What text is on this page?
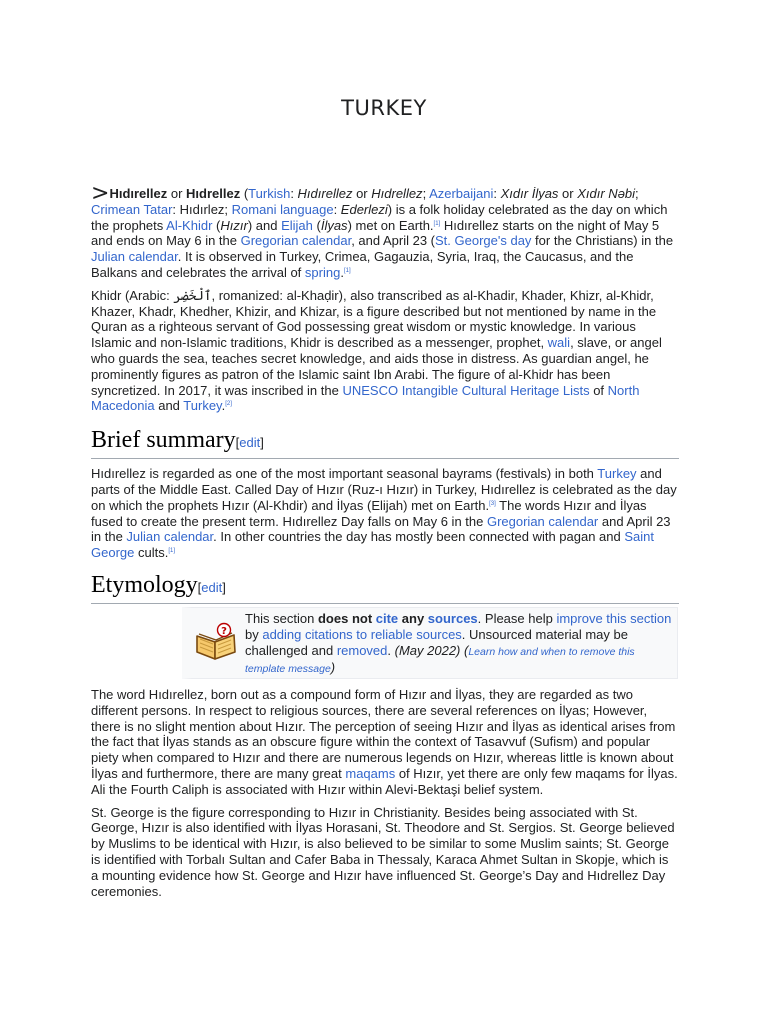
TURKEY

>Hıdırellez or Hıdrellez (Turkish: Hıdırellez or Hıdrellez; Azerbaijani: Xıdır İlyas or Xıdır Nəbi; Crimean Tatar: Hıdırlez; Romani language: Ederlezi) is a folk holiday celebrated as the day on which the prophets Al-Khidr (Hızır) and Elijah (İlyas) met on Earth.[1] Hıdırellez starts on the night of May 5 and ends on May 6 in the Gregorian calendar, and April 23 (St. George's day for the Christians) in the Julian calendar. It is observed in Turkey, Crimea, Gagauzia, Syria, Iraq, the Caucasus, and the Balkans and celebrates the arrival of spring.[1]

Khidr (Arabic: ٱلْخَضِر, romanized: al-Khaḍir), also transcribed as al-Khadir, Khader, Khizr, al-Khidr, Khazer, Khadr, Khedher, Khizir, and Khizar, is a figure described but not mentioned by name in the Quran as a righteous servant of God possessing great wisdom or mystic knowledge. In various Islamic and non-Islamic traditions, Khidr is described as a messenger, prophet, wali, slave, or angel who guards the sea, teaches secret knowledge, and aids those in distress. As guardian angel, he prominently figures as patron of the Islamic saint Ibn Arabi. The figure of al-Khidr has been syncretized. In 2017, it was inscribed in the UNESCO Intangible Cultural Heritage Lists of North Macedonia and Turkey.[2]

Brief summary[edit]

Hıdırellez is regarded as one of the most important seasonal bayrams (festivals) in both Turkey and parts of the Middle East. Called Day of Hızır (Ruz-ı Hızır) in Turkey, Hıdırellez is celebrated as the day on which the prophets Hızır (Al-Khdir) and İlyas (Elijah) met on Earth.[3] The words Hızır and İlyas fused to create the present term. Hıdırellez Day falls on May 6 in the Gregorian calendar and April 23 in the Julian calendar. In other countries the day has mostly been connected with pagan and Saint George cults.[1]

Etymology[edit]
?
This section does not cite any sources. Please help improve this section by adding citations to reliable sources. Unsourced material may be challenged and removed. (May 2022) (Learn how and when to remove this template message)

The word Hıdırellez, born out as a compound form of Hızır and İlyas, they are regarded as two different persons. In respect to religious sources, there are several references on İlyas; However, there is no slight mention about Hızır. The perception of seeing Hızır and İlyas as identical arises from the fact that İlyas stands as an obscure figure within the context of Tasavvuf (Sufism) and popular piety when compared to Hızır and there are numerous legends on Hızır, whereas little is known about İlyas and furthermore, there are many great maqams of Hızır, yet there are only few maqams for İlyas. Ali the Fourth Caliph is associated with Hızır within Alevi-Bektaşi belief system.

St. George is the figure corresponding to Hızır in Christianity. Besides being associated with St. George, Hızır is also identified with İlyas Horasani, St. Theodore and St. Sergios. St. George believed by Muslims to be identical with Hızır, is also believed to be similar to some Muslim saints; St. George is identified with Torbalı Sultan and Cafer Baba in Thessaly, Karaca Ahmet Sultan in Skopje, which is a mounting evidence how St. George and Hızır have influenced St. George’s Day and Hıdrellez Day ceremonies.
